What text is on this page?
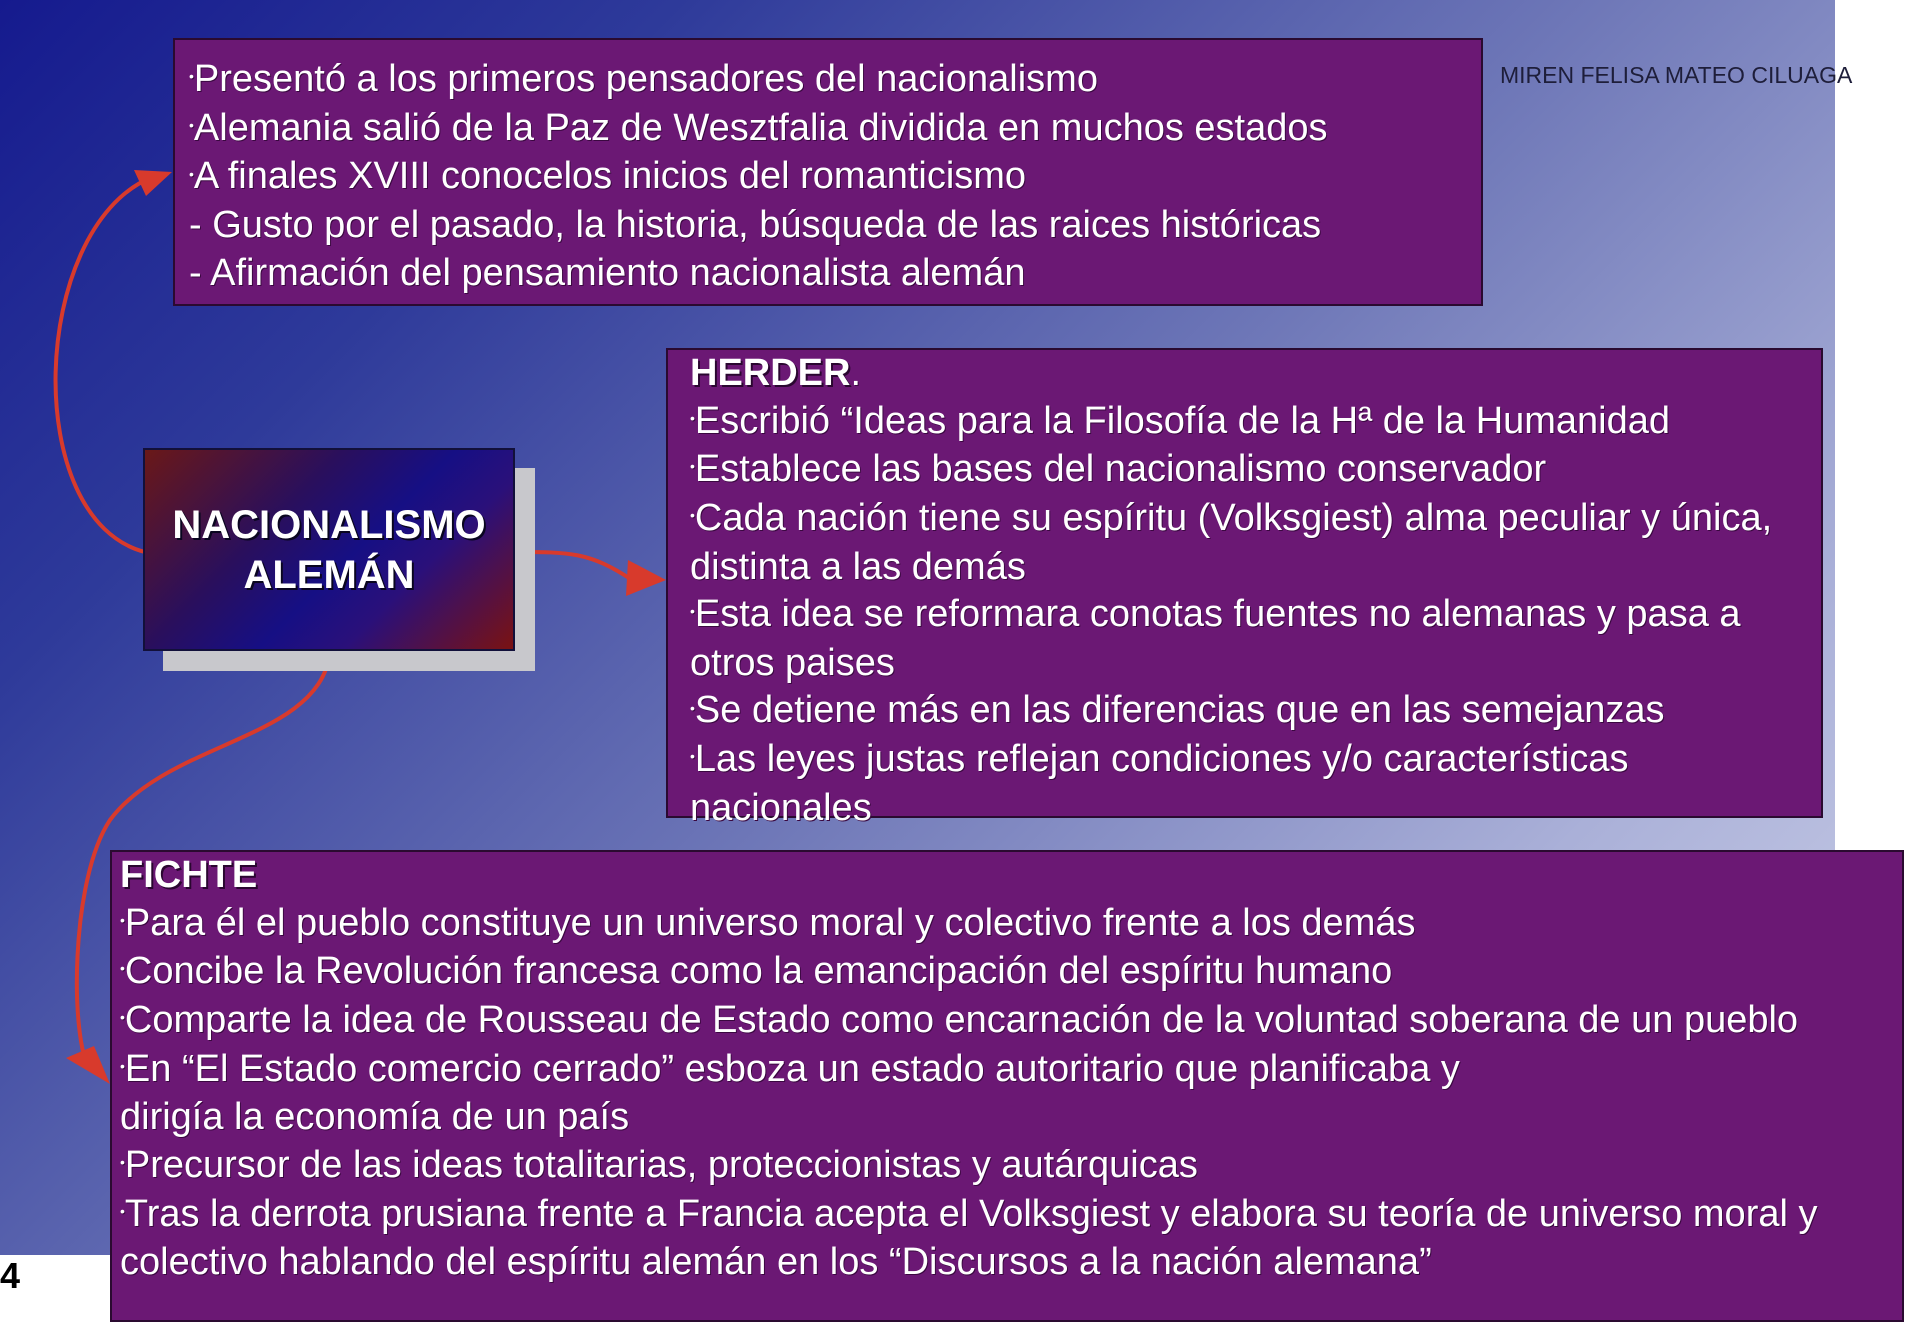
•Presentó a los primeros pensadores del nacionalismo
•Alemania salió de la Paz de Wesztfalia dividida en muchos estados
•A finales XVIII conocelos inicios del romanticismo
- Gusto por el pasado, la historia, búsqueda de las raices históricas
- Afirmación del pensamiento nacionalista alemán
HERDER.
•Escribió “Ideas para la Filosofía de la Hª de la Humanidad
•Establece las bases del nacionalismo conservador
•Cada nación tiene su espíritu (Volksgiest) alma peculiar y única, distinta a las demás
•Esta idea se reformara conotas fuentes no alemanas y pasa a otros paises
•Se detiene más en las diferencias que en las semejanzas
•Las leyes justas reflejan condiciones y/o características nacionales
NACIONALISMO
ALEMÁN
FICHTE
•Para él el pueblo constituye un universo moral y colectivo frente a los demás
•Concibe la Revolución francesa como la emancipación del espíritu humano
•Comparte la idea de Rousseau de Estado como encarnación de la voluntad soberana de un pueblo
•En “El Estado comercio cerrado” esboza un estado autoritario que planificaba y dirigía la economía de un país
•Precursor de las ideas totalitarias, proteccionistas y autárquicas
•Tras la derrota prusiana frente a Francia acepta el Volksgiest y elabora su teoría de universo moral y colectivo hablando del espíritu alemán en los “Discursos a la nación alemana”
MIREN FELISA MATEO CILUAGA
4
